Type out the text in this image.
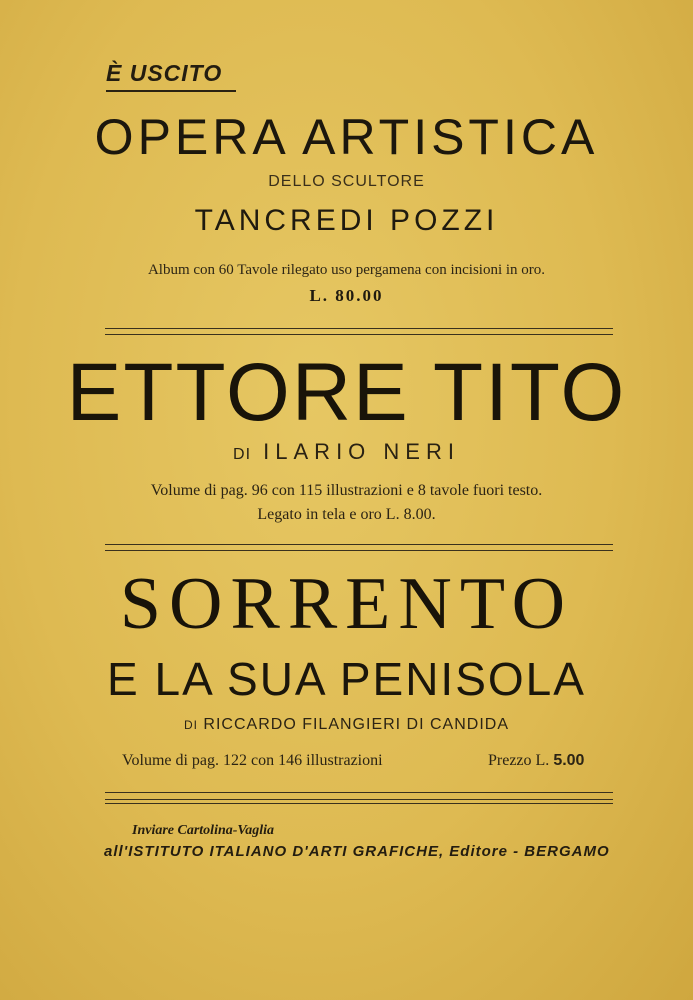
È USCITO
OPERA ARTISTICA
DELLO SCULTORE
TANCREDI POZZI
Album con 60 Tavole rilegato uso pergamena con incisioni in oro.
L. 80.00
ETTORE TITO
DI ILARIO NERI
Volume di pag. 96 con 115 illustrazioni e 8 tavole fuori testo.
Legato in tela e oro L. 8.00.
SORRENTO
E LA SUA PENISOLA
DI RICCARDO FILANGIERI DI CANDIDA
Volume di pag. 122 con 146 illustrazioni	Prezzo L. 5.00
Inviare Cartolina-Vaglia
all'ISTITUTO ITALIANO D'ARTI GRAFICHE, Editore - BERGAMO
